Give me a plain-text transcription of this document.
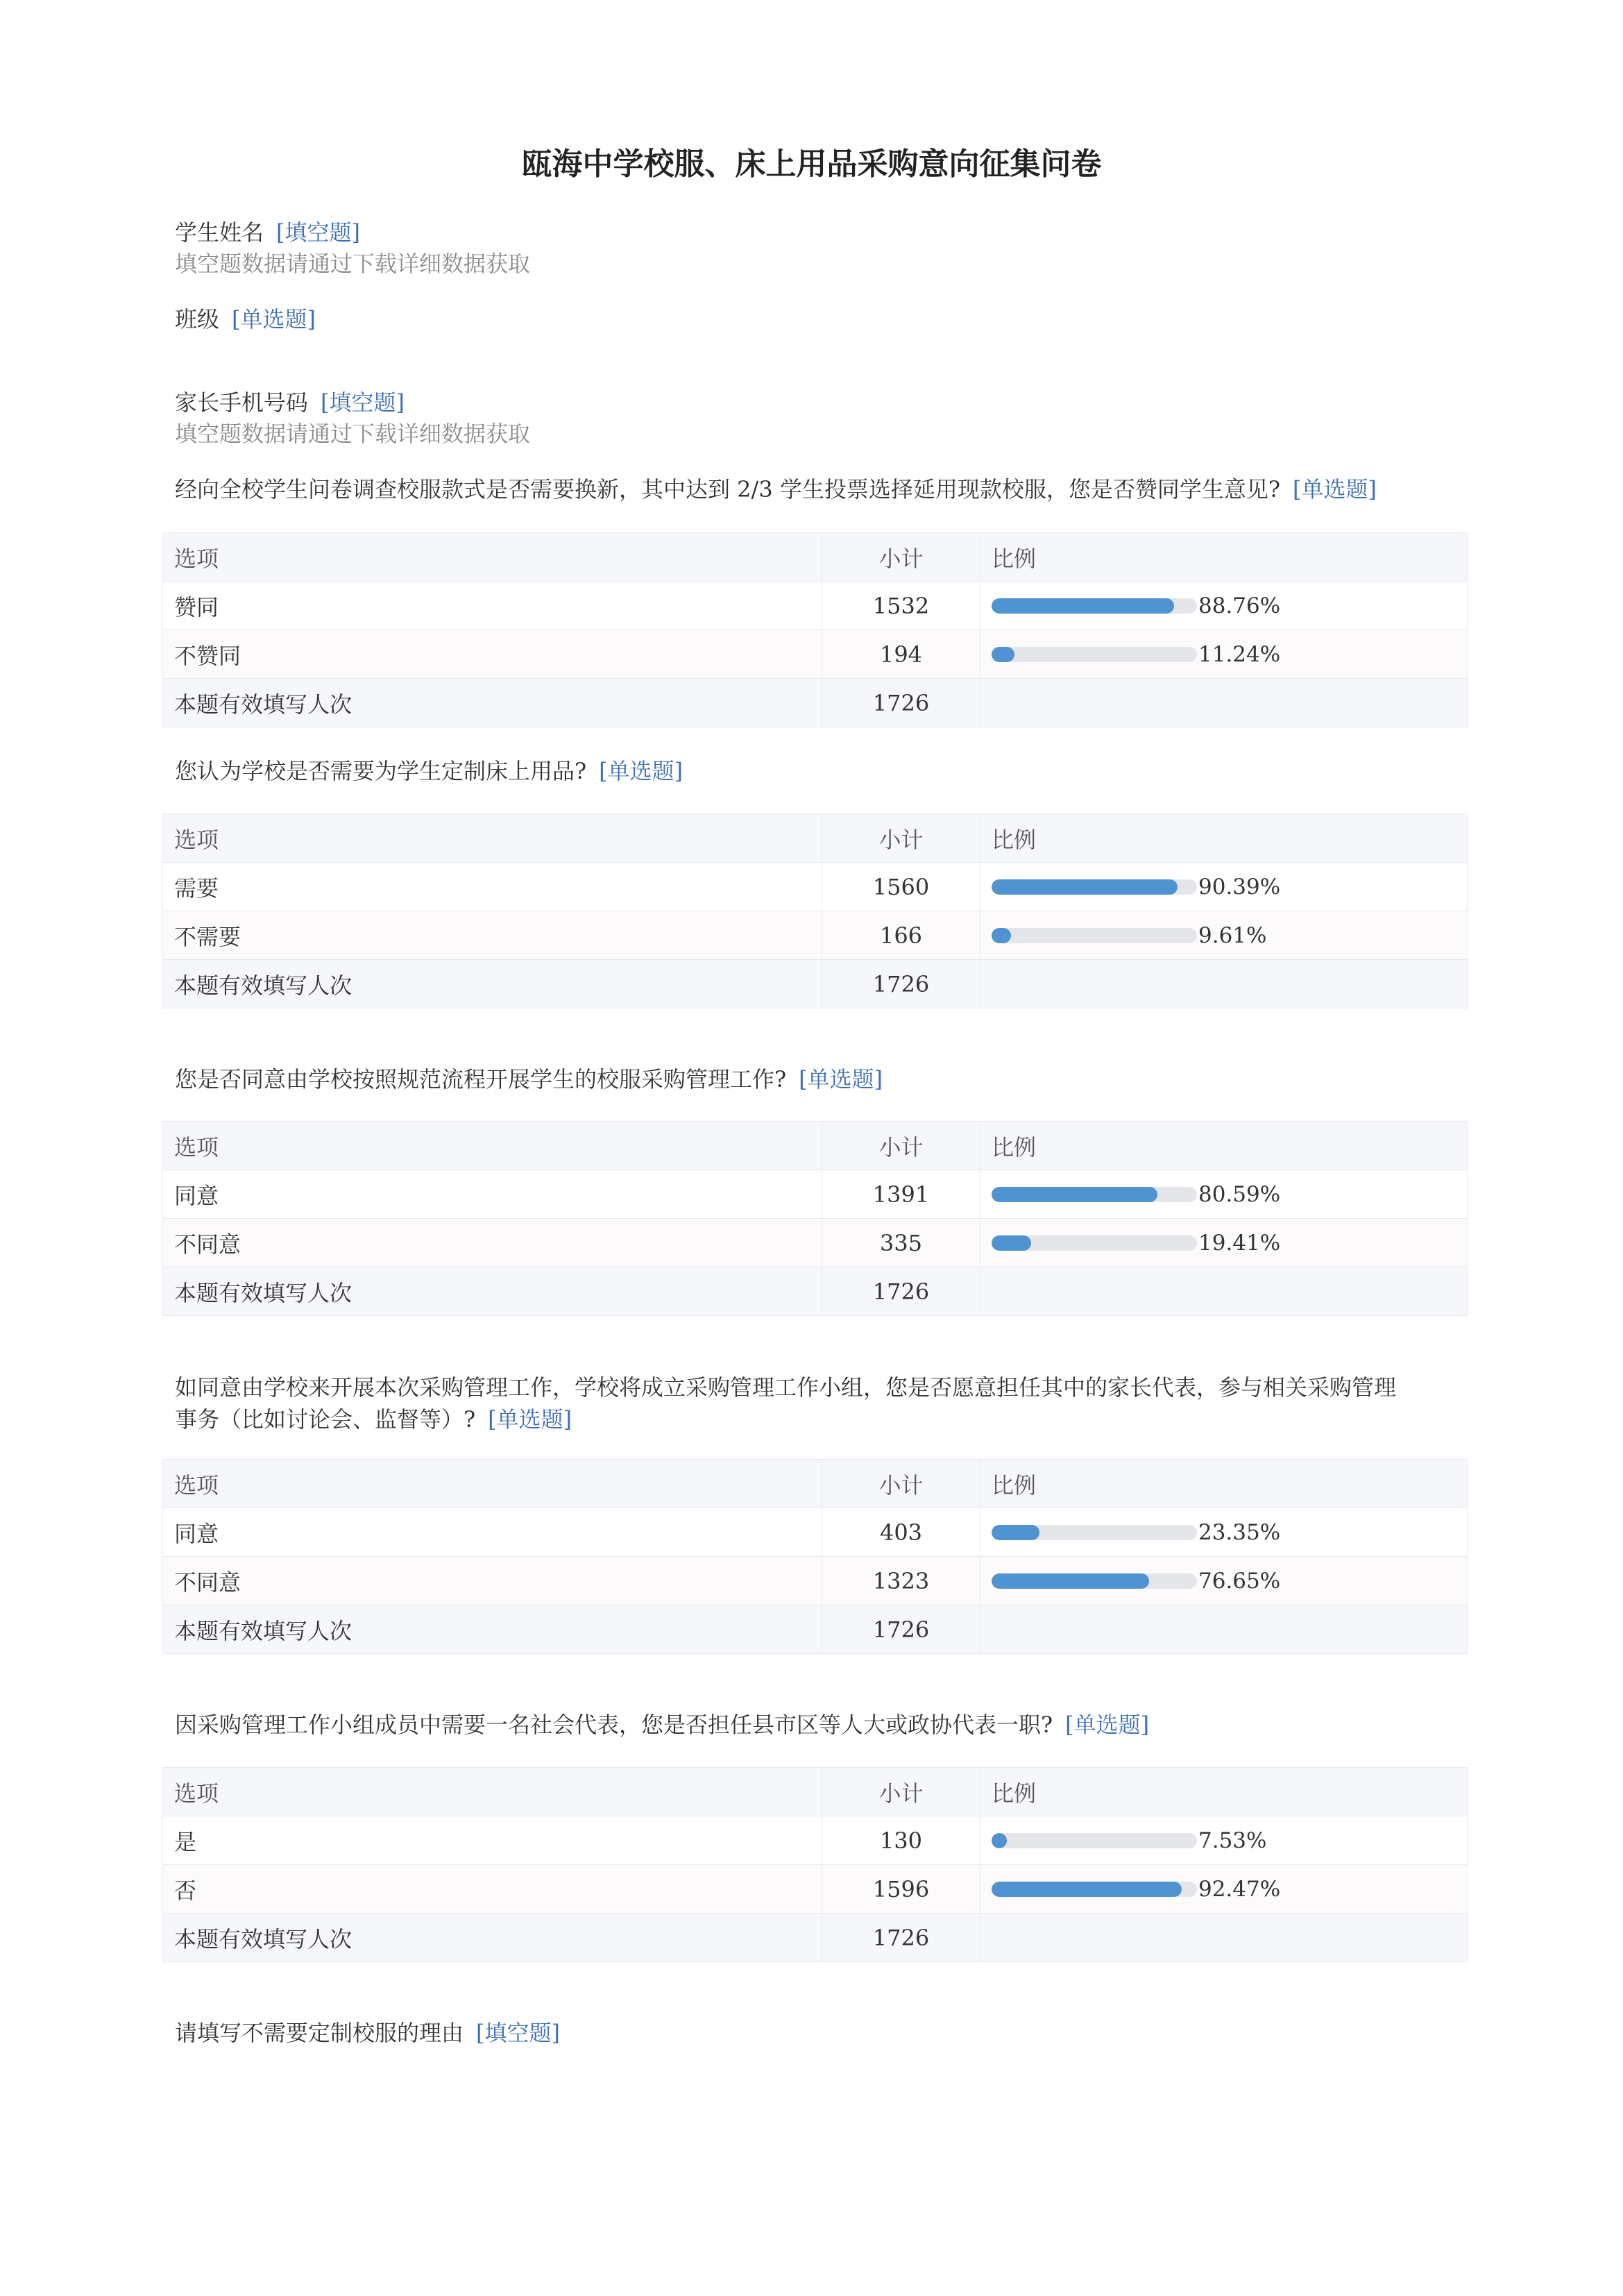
瓯海中学校服、床上用品采购意向征集问卷
学生姓名 [填空题]
填空题数据请通过下载详细数据获取
班级 [单选题]
家长手机号码 [填空题]
填空题数据请通过下载详细数据获取
经向全校学生问卷调查校服款式是否需要换新，其中达到 2/3 学生投票选择延用现款校服，您是否赞同学生意见? [单选题]
选项	小计	比例
赞同	1532	88.76%

不赞同	194	11.24%

本题有效填写人次	1726	
您认为学校是否需要为学生定制床上用品? [单选题]
选项	小计	比例
需要	1560	90.39%

不需要	166	9.61%

本题有效填写人次	1726	
您是否同意由学校按照规范流程开展学生的校服采购管理工作? [单选题]
选项	小计	比例
同意	1391	80.59%

不同意	335	19.41%

本题有效填写人次	1726	
如同意由学校来开展本次采购管理工作，学校将成立采购管理工作小组，您是否愿意担任其中的家长代表，参与相关采购管理
事务（比如讨论会、监督等）? [单选题]
选项	小计	比例
同意	403	23.35%

不同意	1323	76.65%

本题有效填写人次	1726	
因采购管理工作小组成员中需要一名社会代表，您是否担任县市区等人大或政协代表一职? [单选题]
选项	小计	比例
是	130	7.53%

否	1596	92.47%

本题有效填写人次	1726	
请填写不需要定制校服的理由 [填空题]
